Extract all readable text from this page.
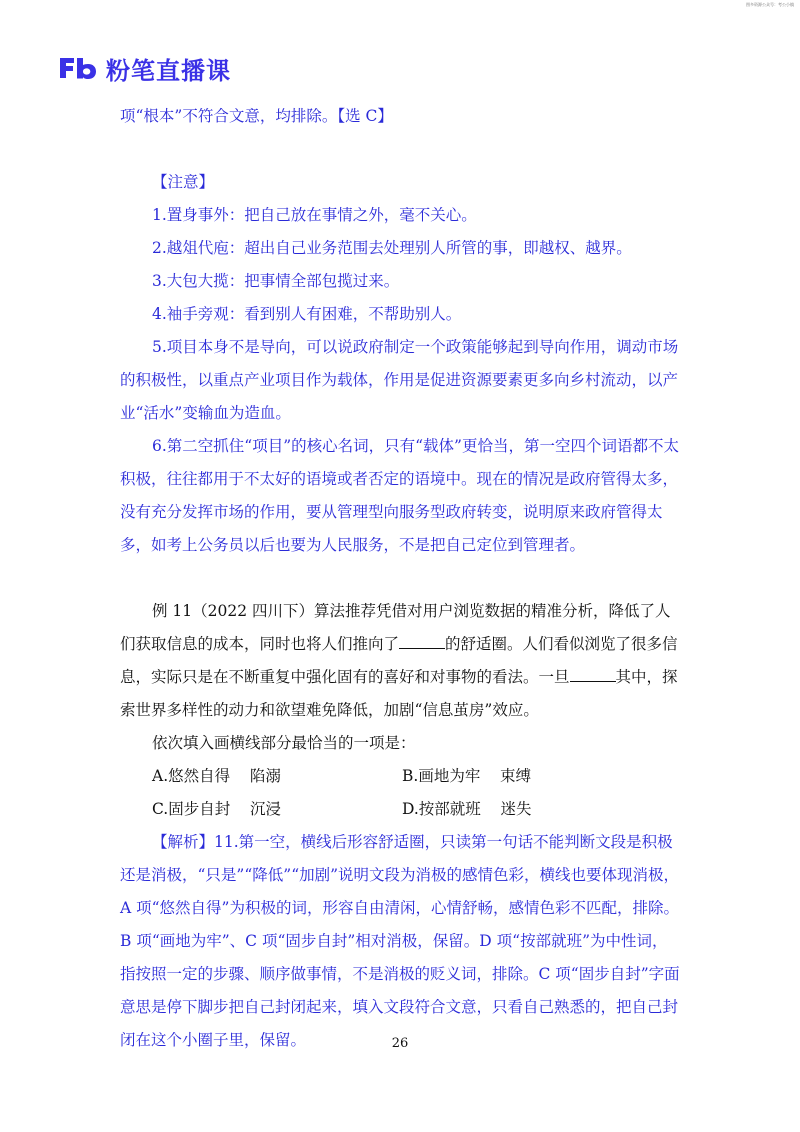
图多资源公众号：考公小镇
粉笔直播课

项“根本”不符合文意，均排除。【选 C】

【注意】

1.置身事外：把自己放在事情之外，毫不关心。

2.越俎代庖：超出自己业务范围去处理别人所管的事，即越权、越界。

3.大包大揽：把事情全部包揽过来。

4.袖手旁观：看到别人有困难，不帮助别人。

5.项目本身不是导向，可以说政府制定一个政策能够起到导向作用，调动市场的积极性，以重点产业项目作为载体，作用是促进资源要素更多向乡村流动，以产业“活水”变输血为造血。

6.第二空抓住“项目”的核心名词，只有“载体”更恰当，第一空四个词语都不太积极，往往都用于不太好的语境或者否定的语境中。现在的情况是政府管得太多，没有充分发挥市场的作用，要从管理型向服务型政府转变，说明原来政府管得太多，如考上公务员以后也要为人民服务，不是把自己定位到管理者。

例 11（2022 四川下）算法推荐凭借对用户浏览数据的精准分析，降低了人们获取信息的成本，同时也将人们推向了	的舒适圈。人们看似浏览了很多信息，实际只是在不断重复中强化固有的喜好和对事物的看法。一旦	其中，探索世界多样性的动力和欲望难免降低，加剧“信息茧房”效应。

依次填入画横线部分最恰当的一项是：

A.悠然自得    陷溺	B.画地为牢    束缚
C.固步自封    沉浸	D.按部就班    迷失

【解析】11.第一空，横线后形容舒适圈，只读第一句话不能判断文段是积极还是消极，“只是”“降低”“加剧”说明文段为消极的感情色彩，横线也要体现消极，A 项“悠然自得”为积极的词，形容自由清闲，心情舒畅，感情色彩不匹配，排除。B 项“画地为牢”、C 项“固步自封”相对消极，保留。D 项“按部就班”为中性词，指按照一定的步骤、顺序做事情，不是消极的贬义词，排除。C 项“固步自封”字面意思是停下脚步把自己封闭起来，填入文段符合文意，只看自己熟悉的，把自己封闭在这个小圈子里，保留。	26
